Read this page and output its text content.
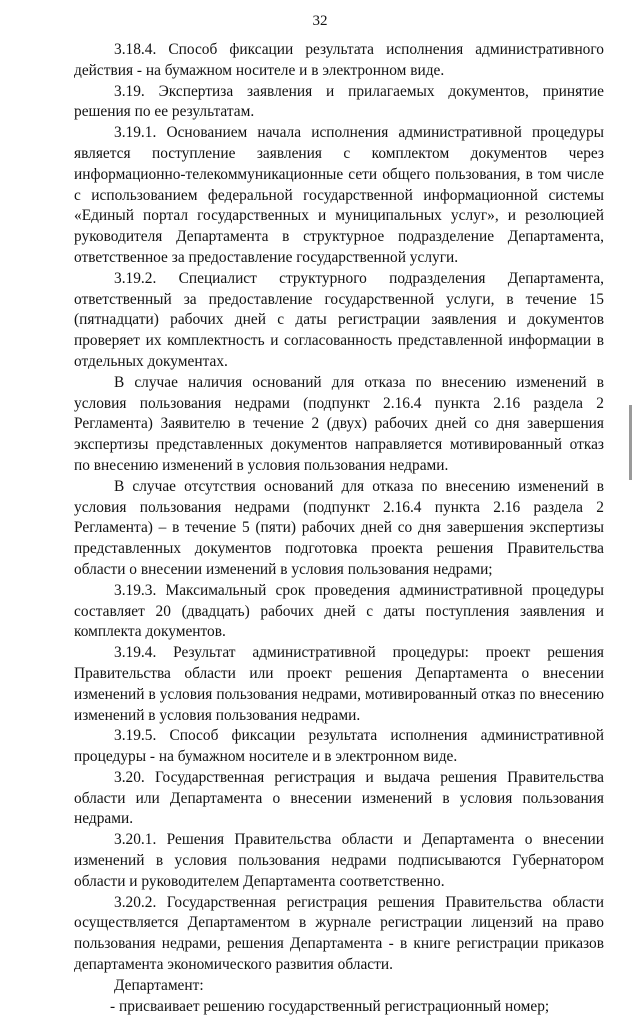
32

3.18.4. Способ фиксации результата исполнения административного действия - на бумажном носителе и в электронном виде.

3.19. Экспертиза заявления и прилагаемых документов, принятие решения по ее результатам.

3.19.1. Основанием начала исполнения административной процедуры является поступление заявления с комплектом документов через информационно-телекоммуникационные сети общего пользования, в том числе с использованием федеральной государственной информационной системы «Единый портал государственных и муниципальных услуг», и резолюцией руководителя Департамента в структурное подразделение Департамента, ответственное за предоставление государственной услуги.

3.19.2. Специалист структурного подразделения Департамента, ответственный за предоставление государственной услуги, в течение 15 (пятнадцати) рабочих дней с даты регистрации заявления и документов проверяет их комплектность и согласованность представленной информации в отдельных документах.

В случае наличия оснований для отказа по внесению изменений в условия пользования недрами (подпункт 2.16.4 пункта 2.16 раздела 2 Регламента) Заявителю в течение 2 (двух) рабочих дней со дня завершения экспертизы представленных документов направляется мотивированный отказ по внесению изменений в условия пользования недрами.

В случае отсутствия оснований для отказа по внесению изменений в условия пользования недрами (подпункт 2.16.4 пункта 2.16 раздела 2 Регламента) – в течение 5 (пяти) рабочих дней со дня завершения экспертизы представленных документов подготовка проекта решения Правительства области о внесении изменений в условия пользования недрами;

3.19.3. Максимальный срок проведения административной процедуры составляет 20 (двадцать) рабочих дней с даты поступления заявления и комплекта документов.

3.19.4. Результат административной процедуры: проект решения Правительства области или проект решения Департамента о внесении изменений в условия пользования недрами, мотивированный отказ по внесению изменений в условия пользования недрами.

3.19.5. Способ фиксации результата исполнения административной процедуры - на бумажном носителе и в электронном виде.

3.20. Государственная регистрация и выдача решения Правительства области или Департамента о внесении изменений в условия пользования недрами.

3.20.1. Решения Правительства области и Департамента о внесении изменений в условия пользования недрами подписываются Губернатором области и руководителем Департамента соответственно.

3.20.2. Государственная регистрация решения Правительства области осуществляется Департаментом в журнале регистрации лицензий на право пользования недрами, решения Департамента - в книге регистрации приказов департамента экономического развития области.

Департамент:

- присваивает решению государственный регистрационный номер;
